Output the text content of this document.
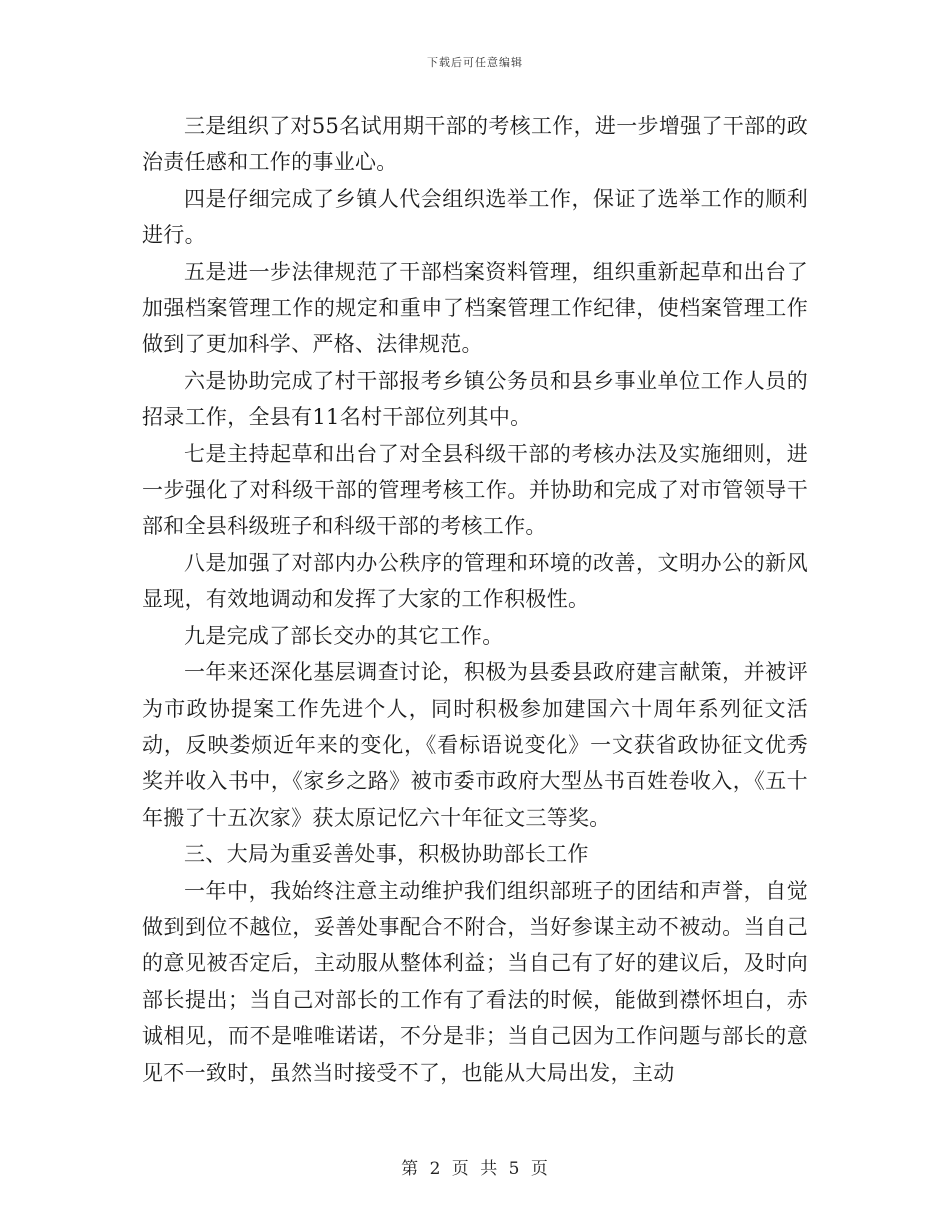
下载后可任意编辑

三是组织了对55名试用期干部的考核工作，进一步增强了干部的政治责任感和工作的事业心。

四是仔细完成了乡镇人代会组织选举工作，保证了选举工作的顺利进行。

五是进一步法律规范了干部档案资料管理，组织重新起草和出台了加强档案管理工作的规定和重申了档案管理工作纪律，使档案管理工作做到了更加科学、严格、法律规范。

六是协助完成了村干部报考乡镇公务员和县乡事业单位工作人员的招录工作，全县有11名村干部位列其中。

七是主持起草和出台了对全县科级干部的考核办法及实施细则，进一步强化了对科级干部的管理考核工作。并协助和完成了对市管领导干部和全县科级班子和科级干部的考核工作。

八是加强了对部内办公秩序的管理和环境的改善，文明办公的新风显现，有效地调动和发挥了大家的工作积极性。

九是完成了部长交办的其它工作。

一年来还深化基层调查讨论，积极为县委县政府建言献策，并被评为市政协提案工作先进个人，同时积极参加建国六十周年系列征文活动，反映娄烦近年来的变化，《看标语说变化》一文获省政协征文优秀奖并收入书中，《家乡之路》被市委市政府大型丛书百姓卷收入，《五十年搬了十五次家》获太原记忆六十年征文三等奖。

三、大局为重妥善处事，积极协助部长工作

一年中，我始终注意主动维护我们组织部班子的团结和声誉，自觉做到到位不越位，妥善处事配合不附合，当好参谋主动不被动。当自己的意见被否定后，主动服从整体利益；当自己有了好的建议后，及时向部长提出；当自己对部长的工作有了看法的时候，能做到襟怀坦白，赤诚相见，而不是唯唯诺诺，不分是非；当自己因为工作问题与部长的意见不一致时，虽然当时接受不了，也能从大局出发，主动

第 2 页 共 5 页
